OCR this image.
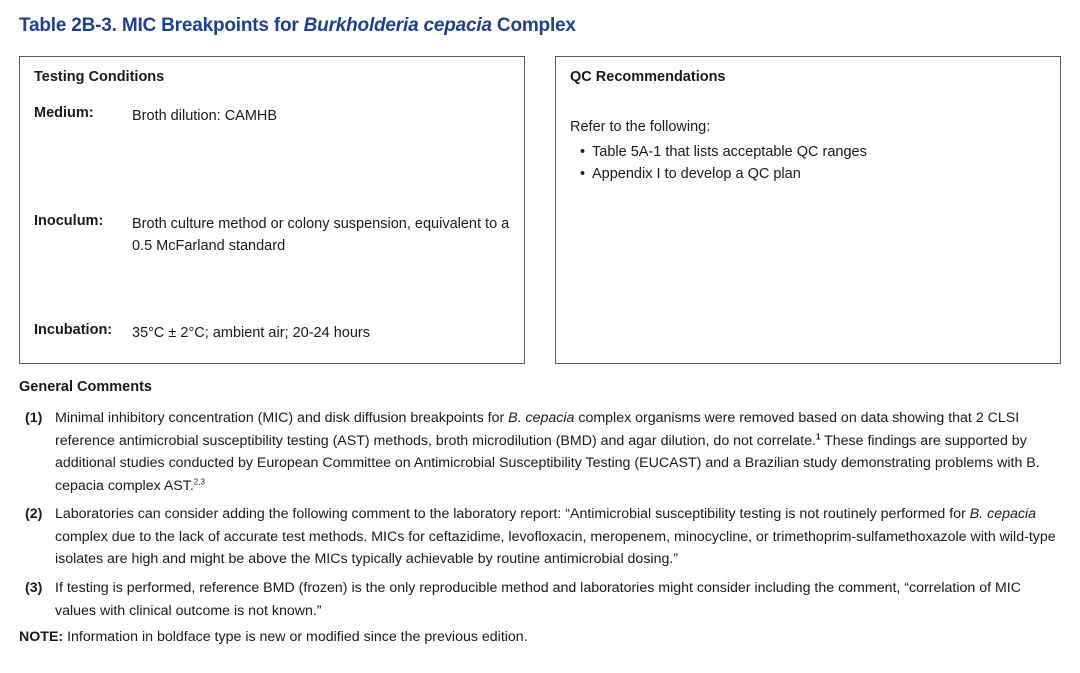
Table 2B-3. MIC Breakpoints for Burkholderia cepacia Complex
Testing Conditions
Medium:	Broth dilution: CAMHB
Inoculum: Broth culture method or colony suspension, equivalent to a 0.5 McFarland standard
Incubation: 35°C ± 2°C; ambient air; 20-24 hours
QC Recommendations
Refer to the following:
• Table 5A-1 that lists acceptable QC ranges
• Appendix I to develop a QC plan
General Comments
(1) Minimal inhibitory concentration (MIC) and disk diffusion breakpoints for B. cepacia complex organisms were removed based on data showing that 2 CLSI reference antimicrobial susceptibility testing (AST) methods, broth microdilution (BMD) and agar dilution, do not correlate.$^1$ These findings are supported by additional studies conducted by European Committee on Antimicrobial Susceptibility Testing (EUCAST) and a Brazilian study demonstrating problems with B. cepacia complex AST.$^{2,3}$
(2) Laboratories can consider adding the following comment to the laboratory report: “Antimicrobial susceptibility testing is not routinely performed for B. cepacia complex due to the lack of accurate test methods. MICs for ceftazidime, levofloxacin, meropenem, minocycline, or trimethoprim-sulfamethoxazole with wild-type isolates are high and might be above the MICs typically achievable by routine antimicrobial dosing.”
(3) If testing is performed, reference BMD (frozen) is the only reproducible method and laboratories might consider including the comment, “correlation of MIC values with clinical outcome is not known.”
NOTE: Information in boldface type is new or modified since the previous edition.
